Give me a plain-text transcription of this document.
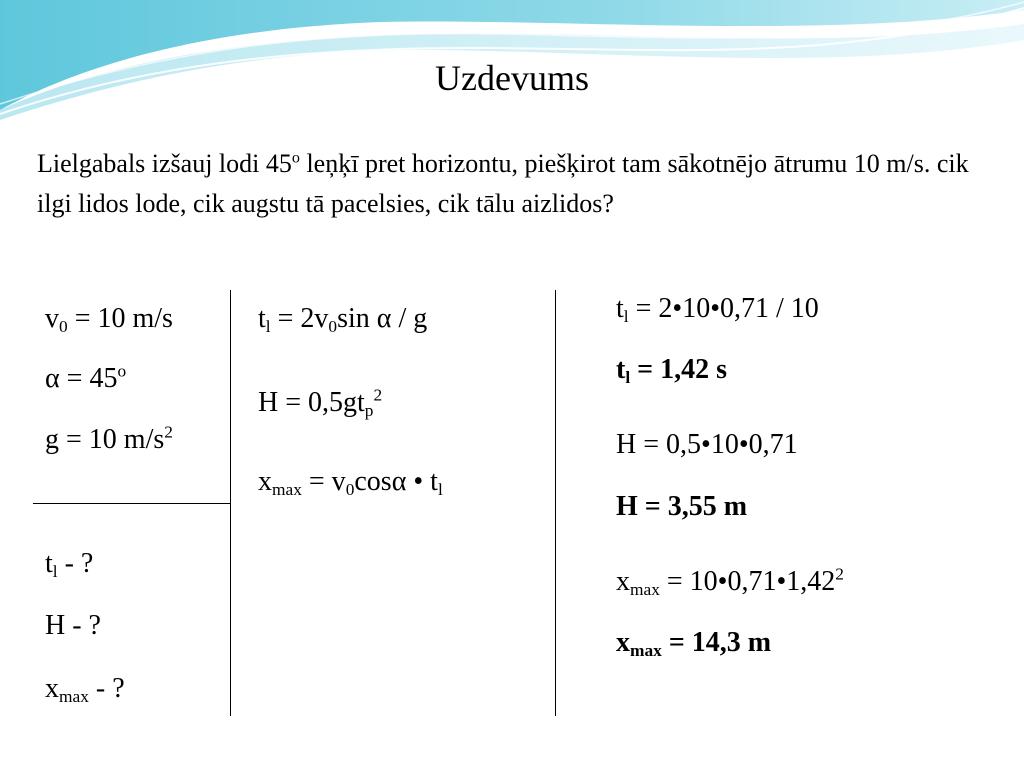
Uzdevums
Lielgabals izšauj lodi 45$^o$ leņķī pret horizontu, piešķirot tam sākotnējo ātrumu 10 m/s. cik ilgi lidos lode, cik augstu tā pacelsies, cik tālu aizlidos?
$v_0 = 10$ m/s
$\alpha = 45^o$
g = 10 $m/s^2$
$t_l$ - ?
H - ?
$x_{max}$ - ?
$t_l = 2v_0\sin$ α / g
$H = 0,5gt_p^2$
$x_{max} = v_0\cos\alpha$ • $t_l$
$t_l$ = 2•10•0,71 / 10
$t_l = 1,42$ s
H = 0,5•10•0,71
H = 3,55 m
$x_{max}$ = $10•0,71•1,42^2$
$x_{max} = 14,3$ m
